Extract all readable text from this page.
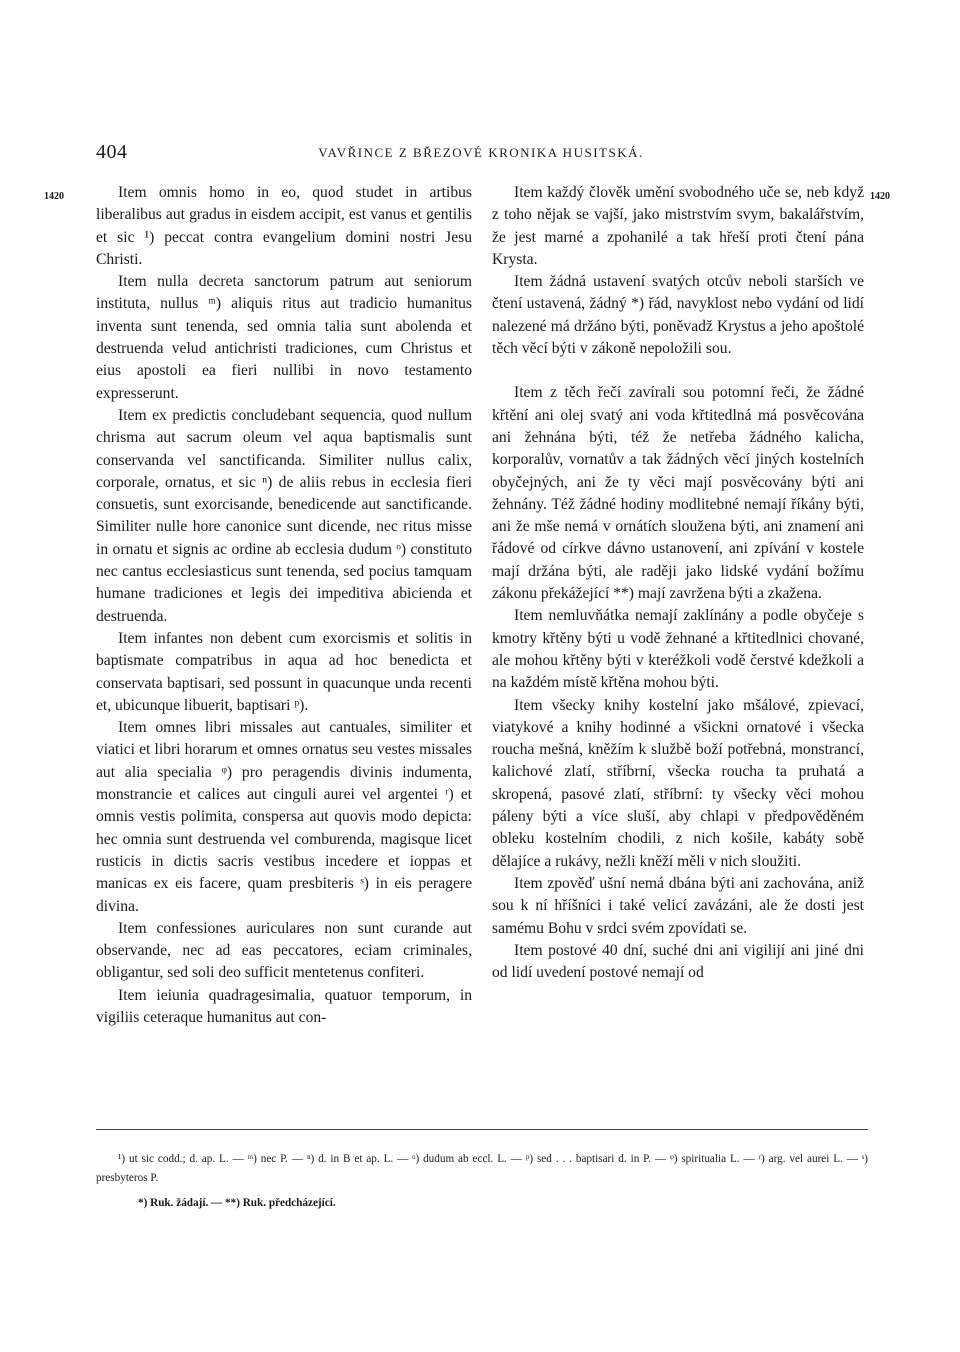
404	VAVŘINCE Z BŘEZOVÉ KRONIKA HUSITSKÁ.
1420	1420

Item omnis homo in eo, quod studet in artibus liberalibus aut gradus in eisdem accipit, est vanus et gentilis et sic ¹) peccat contra evangelium domini nostri Jesu Christi.

Item nulla decreta sanctorum patrum aut seniorum instituta, nullus ᵐ) aliquis ritus aut tradicio humanitus inventa sunt tenenda, sed omnia talia sunt abolenda et destruenda velud antichristi tradiciones, cum Christus et eius apostoli ea fieri nullibi in novo testamento expresserunt.

Item ex predictis concludebant sequencia, quod nullum chrisma aut sacrum oleum vel aqua baptismalis sunt conservanda vel sanctificanda. Similiter nullus calix, corporale, ornatus, et sic ⁿ) de aliis rebus in ecclesia fieri consuetis, sunt exorcisande, benedicende aut sanctificande. Similiter nulle hore canonice sunt dicende, nec ritus misse in ornatu et signis ac ordine ab ecclesia dudum ᵒ) constituto nec cantus ecclesiasticus sunt tenenda, sed pocius tamquam humane tradiciones et legis dei impeditiva abicienda et destruenda.

Item infantes non debent cum exorcismis et solitis in baptismate compatribus in aqua ad hoc benedicta et conservata baptisari, sed possunt in quacunque unda recenti et, ubicunque libuerit, baptisari ᵖ).

Item omnes libri missales aut cantuales, similiter et viatici et libri horarum et omnes ornatus seu vestes missales aut alia specialia ᵠ) pro peragendis divinis indumenta, monstrancie et calices aut cinguli aurei vel argentei ʳ) et omnis vestis polimita, conspersa aut quovis modo depicta: hec omnia sunt destruenda vel comburenda, magisque licet rusticis in dictis sacris vestibus incedere et ioppas et manicas ex eis facere, quam presbiteris ˢ) in eis peragere divina.

Item confessiones auriculares non sunt curande aut observande, nec ad eas peccatores, eciam criminales, obligantur, sed soli deo sufficit mentetenus confiteri.

Item ieiunia quadragesimalia, quatuor temporum, in vigiliis ceteraque humanitus aut con-

Item každý člověk umění svobodného uče se, neb když z toho nějak se vajší, jako mistrstvím svym, bakalářstvím, že jest marné a zpohanilé a tak hřeší proti čtení pána Krysta.

Item žádná ustavení svatých otcův neboli starších ve čtení ustavená, žádný *) řád, navyklost nebo vydání od lidí nalezené má držáno býti, poněvadž Krystus a jeho apoštolé těch věcí býti v zákoně nepoložili sou.

Item z těch řečí zavírali sou potomní řeči, že žádné křtění ani olej svatý ani voda křtitedlná má posvěcována ani žehnána býti, též že netřeba žádného kalicha, korporalův, vornatův a tak žádných věcí jiných kostelních obyčejných, ani že ty věci mají posvěcovány býti ani žehnány. Též žádné hodiny modlitebné nemají říkány býti, ani že mše nemá v ornátích sloužena býti, ani znamení ani řádové od církve dávno ustanovení, ani zpívání v kostele mají držána býti, ale raději jako lidské vydání božímu zákonu překážející **) mají zavržena býti a zkažena.

Item nemluvňátka nemají zaklínány a podle obyčeje s kmotry křtěny býti u vodě žehnané a křtitedlnici chované, ale mohou křtěny býti v kteréžkoli vodě čerstvé kdežkoli a na každém místě křtěna mohou býti.

Item všecky knihy kostelní jako mšálové, zpievací, viatykové a knihy hodinné a všickni ornatové i všecka roucha mešná, kněžím k službě boží potřebná, monstrancí, kalichové zlatí, stříbrní, všecka roucha ta pruhatá a skropená, pasové zlatí, stříbrní: ty všecky věci mohou páleny býti a více sluší, aby chlapi v předpověděném obleku kostelním chodili, z nich košile, kabáty sobě dělajíce a rukávy, nežli kněží měli v nich sloužiti.

Item zpověď ušní nemá dbána býti ani zachována, aniž sou k ní hříšníci i také velicí zavázáni, ale že dosti jest samému Bohu v srdci svém zpovídati se.

Item postové 40 dní, suché dni ani vigilijí ani jiné dni od lidí uvedení postové nemají od

¹) ut sic codd.; d. ap. L. — ᵐ) nec P. — ⁿ) d. in B et ap. L. — ᵒ) dudum ab eccl. L. — ᵖ) sed . . . baptisari d. in P. — ᵠ) spiritualia L. — ʳ) arg. vel aurei L. — ˢ) presbyteros P.

*) Ruk. žádají. — **) Ruk. předcházející.
